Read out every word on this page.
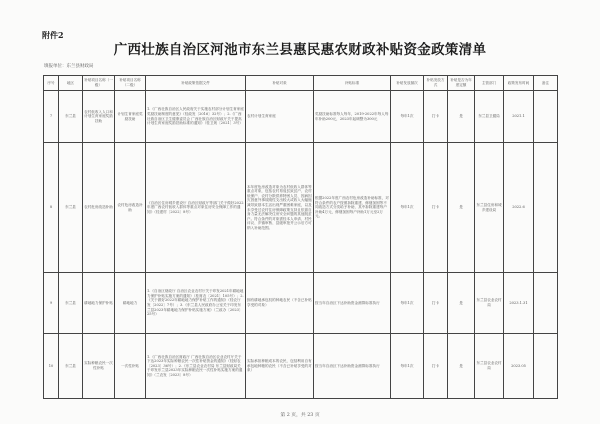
附件2
广西壮族自治区河池市东兰县惠民惠农财政补贴资金政策清单
填报单位：东兰县财政局
序号	地区	补贴项目名称（一级）	补贴项目名称（二级）	补贴政策依据文件	补贴对象	补贴标准	补贴发放频次	补贴发放方式	补贴是否为年度定额	主管部门	政策发布时间	备注
7	东兰县	农村低收入人口和计划生育家庭奖励扶助	计划生育家庭奖励扶助	1.《广西壮族自治区人民政府关于实施农村部分计划生育家庭奖励扶助制度的意见》（桂政发〔2016〕32号）；2.《广西壮族自治区卫生健康委员会 广西壮族自治区财政厅关于提高计划生育家庭奖励扶助标准的通知》（桂卫规〔2021〕3号）	农村计划生育家庭	奖励扶助标准每人每年，2019-2022年每人每年补助200元，2023年起调整为300元	每年1次	打卡	是	东兰县卫健局	2021.1	
8	东兰县	农村危房改造补助	农村危房改造补助	《自治区住房城乡建设厅 自治区财政厅等部门关于做好2022年度广西农村低收入群体等重点对象住房安全保障工作的通知》（桂建村〔2022〕8号）	本年度危房改造对象为农村低收入群体等重点对象，包括农村易返贫致贫户、农村低保户、农村分散供养特困人员、因病因灾因意外事故刚性支出较大或收入大幅缩减导致基本生活出现严重困难家庭，以及未享受过农村住房保障政策支持且依靠自身力量无法解决住房安全问题的其他脱贫户。符合条件的对象需经本人申请、村民评议、乡镇审核、县级审批并公示后方可纳入补助范围。	根据2022年度广西农村危房改造补助标准，对符合条件的农户按照拆除重建、修缮加固等不同改造方式分类给予补助，其中拆除重建每户补助4万元，修缮加固每户补助1万元至2万元。	每年1次	打卡	是	东兰县住房和城乡建设局	2022.6	
9	东兰县	耕地地力保护补贴	耕地地力	1.《自治区财政厅 自治区农业农村厅关于印发2021年耕地地力保护补贴实施方案的通知》（桂财农〔2021〕105号）；2.《关于做好2022年耕地地力保护补贴工作的通知》（桂农厅发〔2022〕7号）；3.《东兰县人民政府办公室关于印发东兰县2023年耕地地力保护补贴实施方案》（兰政办〔2023〕25号）	拥有耕地承包权的种地农民（不含已补贴享受的对象）	按当年自治区下达补助资金测算标准执行	每年1次	打卡	是	东兰县农业农村局	2023.1.31	
10	东兰县	实际种粮农民一次性补贴	一次性补贴	1.《广西壮族自治区财政厅 广西壮族自治区农业农村厅关于下达2023年实际种粮农民一次性补贴资金的通知》（桂财农〔2023〕36号）；2.《东兰县农业农村局 东兰县财政局关于印发东兰县2023年实际种粮农民一次性补贴实施方案的通知》（兰农发〔2023〕8号）	实际承担种粮成本的农民，包括利用自有承包地种粮的农民（不含已补贴享受的对象）	按当年自治区下达补助资金测算标准执行	每年1次	打卡	是	东兰县农业农村局	2023.05	
第 2 页，共 23 页
